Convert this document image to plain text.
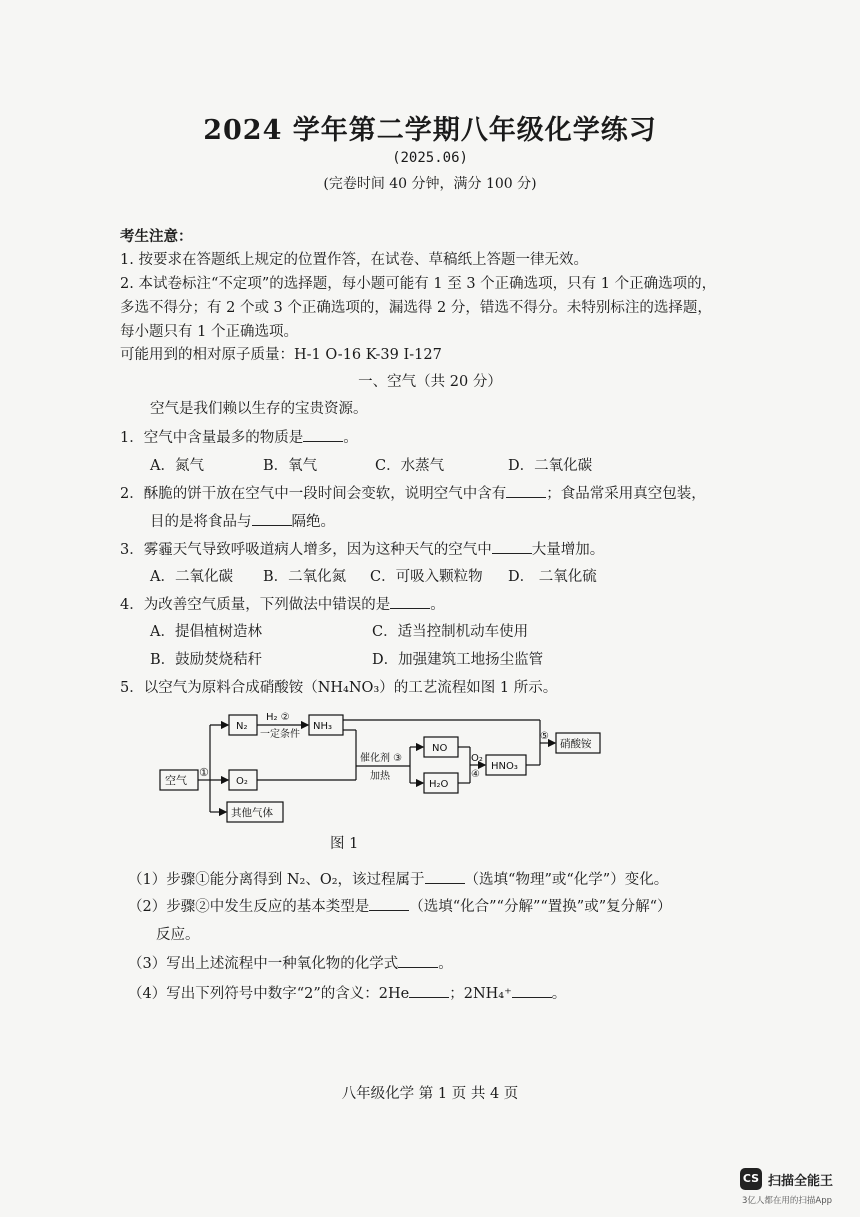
2024 学年第二学期八年级化学练习
(2025.06)
(完卷时间 40 分钟，满分 100 分)
考生注意：
1. 按要求在答题纸上规定的位置作答，在试卷、草稿纸上答题一律无效。
2. 本试卷标注“不定项”的选择题，每小题可能有 1 至 3 个正确选项，只有 1 个正确选项的，
多选不得分；有 2 个或 3 个正确选项的，漏选得 2 分，错选不得分。未特别标注的选择题，
每小题只有 1 个正确选项。
可能用到的相对原子质量：H-1 O-16 K-39 I-127
一、空气（共 20 分）
空气是我们赖以生存的宝贵资源。
1．空气中含量最多的物质是	。
A．氮气	B．氧气	C．水蒸气	D．二氧化碳
2．酥脆的饼干放在空气中一段时间会变软，说明空气中含有	；食品常采用真空包装，
目的是将食品与	隔绝。
3．雾霾天气导致呼吸道病人增多，因为这种天气的空气中	大量增加。
A．二氧化碳 B．二氧化氮 C．可吸入颗粒物 D． 二氧化硫
4．为改善空气质量，下列做法中错误的是	。
A．提倡植树造林	C．适当控制机动车使用
B．鼓励焚烧秸秆	D．加强建筑工地扬尘监管
5．以空气为原料合成硝酸铵（NH₄NO₃）的工艺流程如图 1 所示。
空气
①
N₂
O₂
其他气体
H₂ ②
一定条件
NH₃
催化剂 ③
加热
NO
H₂O
O₂
④
HNO₃
⑤
硝酸铵
图 1
（1）步骤①能分离得到 N₂、O₂，该过程属于	（选填“物理”或“化学”）变化。
（2）步骤②中发生反应的基本类型是	（选填“化合”“分解”“置换”或”复分解“）
反应。
（3）写出上述流程中一种氧化物的化学式	。
（4）写出下列符号中数字“2”的含义：2He	；2NH₄⁺	。
八年级化学 第 1 页 共 4 页
CS 扫描全能王
3亿人都在用的扫描App
